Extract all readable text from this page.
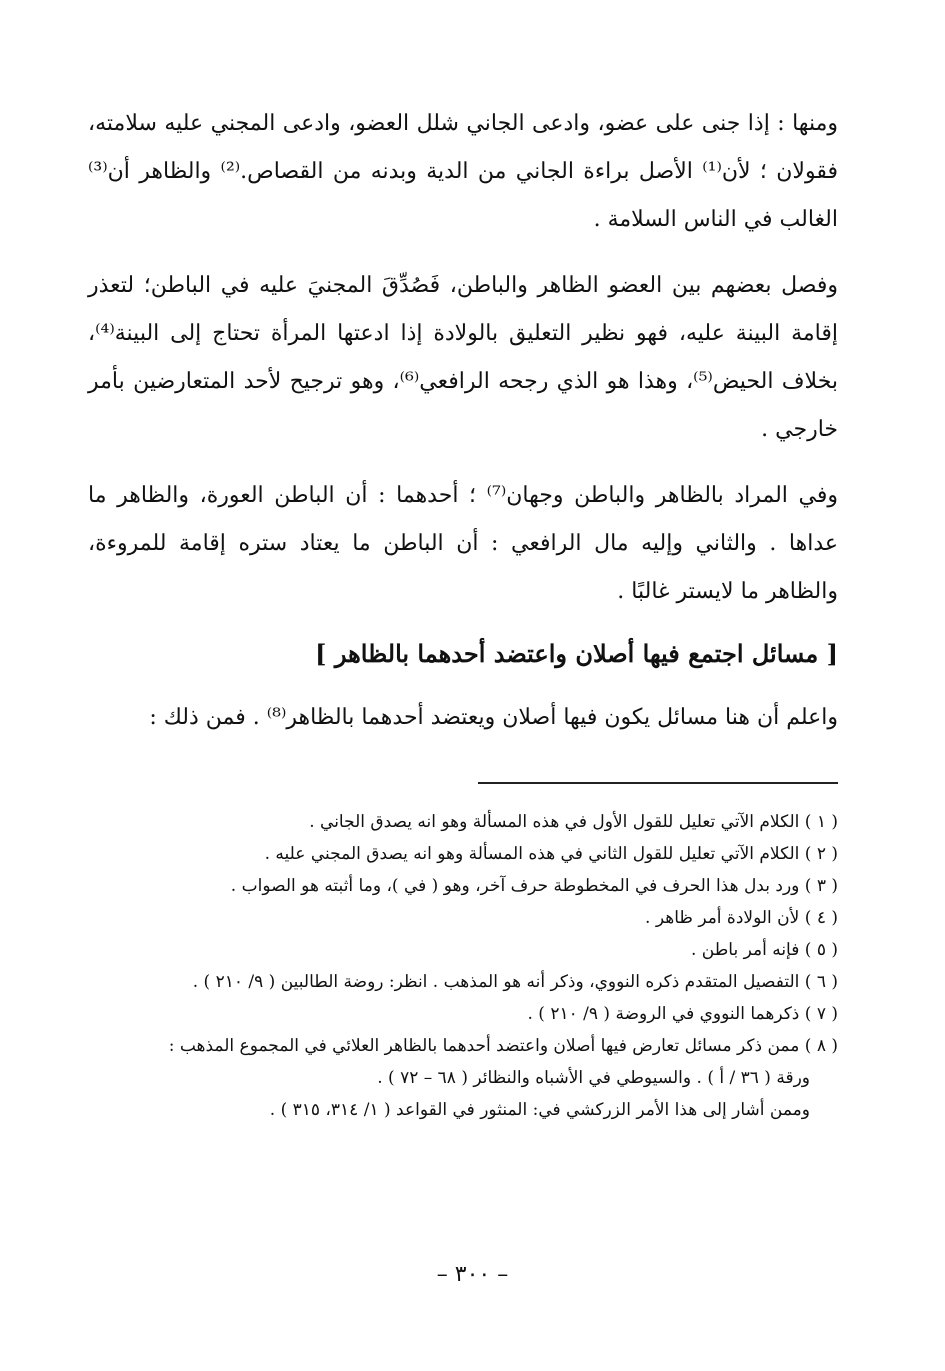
ومنها : إذا جنى على عضو، وادعى الجاني شلل العضو، وادعى المجني عليه سلامته، فقولان ؛ لأن⁽¹⁾ الأصل براءة الجاني من الدية وبدنه من القصاص.⁽²⁾ والظاهر أن⁽³⁾ الغالب في الناس السلامة .

وفصل بعضهم بين العضو الظاهر والباطن، فَصُدِّقَ المجنيَ عليه في الباطن؛ لتعذر إقامة البينة عليه، فهو نظير التعليق بالولادة إذا ادعتها المرأة تحتاج إلى البينة⁽⁴⁾، بخلاف الحيض⁽⁵⁾، وهذا هو الذي رجحه الرافعي⁽⁶⁾، وهو ترجيح لأحد المتعارضين بأمر خارجي .

وفي المراد بالظاهر والباطن وجهان⁽⁷⁾ ؛ أحدهما : أن الباطن العورة، والظاهر ما عداها . والثاني وإليه مال الرافعي : أن الباطن ما يعتاد ستره إقامة للمروءة، والظاهر ما لايستر غالبًا .

[ مسائل اجتمع فيها أصلان واعتضد أحدهما بالظاهر ]

واعلم أن هنا مسائل يكون فيها أصلان ويعتضد أحدهما بالظاهر⁽⁸⁾ . فمن ذلك :

( ١ ) الكلام الآتي تعليل للقول الأول في هذه المسألة وهو انه يصدق الجاني .

( ٢ ) الكلام الآتي تعليل للقول الثاني في هذه المسألة وهو انه يصدق المجني عليه .

( ٣ ) ورد بدل هذا الحرف في المخطوطة حرف آخر، وهو ( في )، وما أثبته هو الصواب .

( ٤ ) لأن الولادة أمر ظاهر .

( ٥ ) فإنه أمر باطن .

( ٦ ) التفصيل المتقدم ذكره النووي، وذكر أنه هو المذهب . انظر: روضة الطالبين ( ٩/ ٢١٠ ) .

( ٧ ) ذكرهما النووي في الروضة ( ٩/ ٢١٠ ) .

( ٨ ) ممن ذكر مسائل تعارض فيها أصلان واعتضد أحدهما بالظاهر العلائي في المجموع المذهب :
ورقة ( ٣٦ / أ ) . والسيوطي في الأشباه والنظائر ( ٦٨ – ٧٢ ) .
وممن أشار إلى هذا الأمر الزركشي في: المنثور في القواعد ( ١/ ٣١٤، ٣١٥ ) .

– ٣٠٠ –
